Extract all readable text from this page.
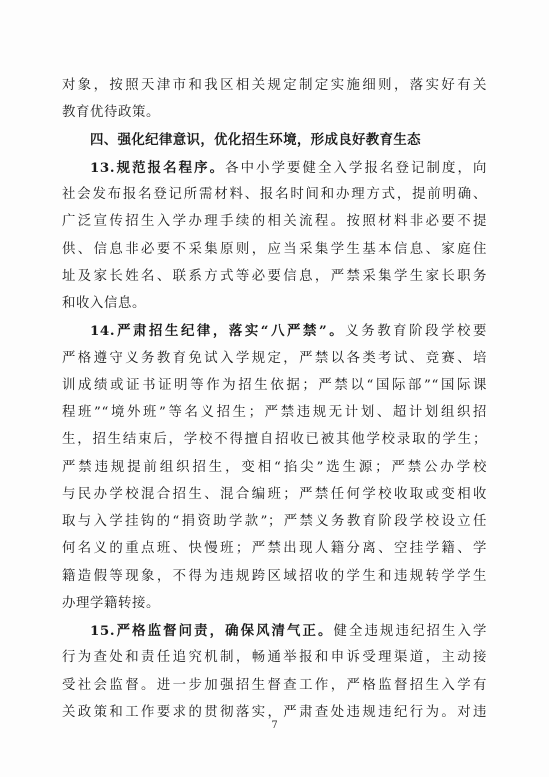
对象，按照天津市和我区相关规定制定实施细则，落实好有关
教育优待政策。
四、强化纪律意识，优化招生环境，形成良好教育生态
13.规范报名程序。各中小学要健全入学报名登记制度，向
社会发布报名登记所需材料、报名时间和办理方式，提前明确、
广泛宣传招生入学办理手续的相关流程。按照材料非必要不提
供、信息非必要不采集原则，应当采集学生基本信息、家庭住
址及家长姓名、联系方式等必要信息，严禁采集学生家长职务
和收入信息。
14.严肃招生纪律，落实“八严禁”。义务教育阶段学校要
严格遵守义务教育免试入学规定，严禁以各类考试、竞赛、培
训成绩或证书证明等作为招生依据；严禁以“国际部”“国际课
程班”“境外班”等名义招生；严禁违规无计划、超计划组织招
生，招生结束后，学校不得擅自招收已被其他学校录取的学生；
严禁违规提前组织招生，变相“掐尖”选生源；严禁公办学校
与民办学校混合招生、混合编班；严禁任何学校收取或变相收
取与入学挂钩的“捐资助学款”；严禁义务教育阶段学校设立任
何名义的重点班、快慢班；严禁出现人籍分离、空挂学籍、学
籍造假等现象，不得为违规跨区域招收的学生和违规转学学生
办理学籍转接。
15.严格监督问责，确保风清气正。健全违规违纪招生入学
行为查处和责任追究机制，畅通举报和申诉受理渠道，主动接
受社会监督。进一步加强招生督查工作，严格监督招生入学有
关政策和工作要求的贯彻落实，严肃查处违规违纪行为。对违
7
